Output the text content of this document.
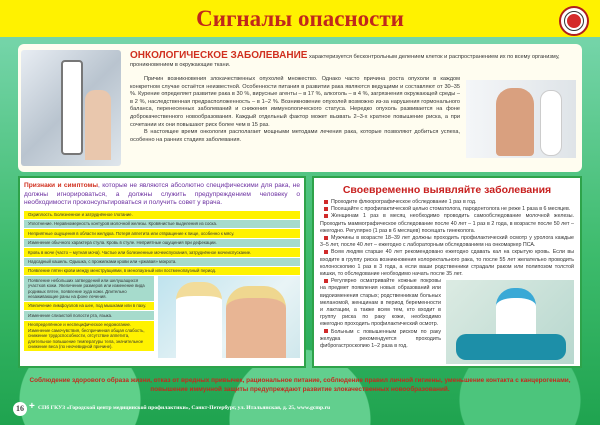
Сигналы опасности
ОНКОЛОГИЧЕСКОЕ ЗАБОЛЕВАНИЕ характеризуется бесконтрольным делением клеток и распространением их по всему организму, проникновением в окружающие ткани.

Причин возникновения злокачественных опухолей множество. Однако часто причина роста опухоли в каждом конкретном случае остаётся неизвестной. Особенности питания в развитии рака являются ведущими и составляют от 30–35 %. Курение определяет развитие рака в 30 %, вирусные агенты – в 17 %, алкоголь – в 4 %, загрязнения окружающей среды – в 2 %, наследственная предрасположенность – в 1–2 %. Возникновение опухолей возможно из-за нарушения гормонального баланса, перенесенных заболеваний и снижения иммунологического статуса. Нередко опухоль развивается на фоне доброкачественного новообразования. Каждый отдельный фактор может вызвать 2–3-х кратное повышение риска, а при сочетании их они повышают риск более чем в 15 раз.

В настоящее время онкология располагает мощными методами лечения рака, которые позволяют добиться успеха, особенно на ранних стадиях заболевания.

Признаки и симптомы, которые не являются абсолютно специфическими для рака, не должны игнорироваться, а должны служить предупреждением человеку о необходимости проконсультироваться и получить совет у врача.
Охриплость. Болезненное и затруднённое глотание.
Уплотнение. Неравномерность контуров молочной железы. Кровянистые выделения из соска.
Неприятные ощущения в области желудка. Потеря аппетита или отвращение к пище, особенно к мясу.
Изменение обычного характера стула. Кровь в стуле. Неприятные ощущения при дефекации.
Кровь в моче (часто – мутная моча). Частые или болезненные мочеиспускания, затруднённое мочеиспускание.
Надсадный кашель. Одышка, с прожилками крови или «ржавая» мокрота.
Появление пятен крови между менструациями, в менопаузный или постменопаузный период.
Появление небольших затвердений или шелушащихся участков кожи. Увеличение размеров или изменение вида родимых пятен, появление зуда кожи. Длительно незаживающие раны на фоне лечения.
Увеличение лимфоузлов на шее, под мышками или в паху.
Изменение слизистой полости рта, языка.
Неопределённое и неспецифическое недомогание. Изменение самочувствия, беспричинная общая слабость, снижение трудоспособности, отсутствие аппетита, длительное повышение температуры тела, значительное снижение веса (по неочевидной причине).
Своевременно выявляйте заболевания
Проходите флюорографическое обследование 1 раз в год.
Посещайте с профилактической целью стоматолога, пародонтолога не реже 1 раза в 6 месяцев.
Женщинам 1 раз в месяц необходимо проводить самообследование молочной железы. Проходить маммографическое обследование после 40 лет – 1 раз в 2 года, в возрасте после 50 лет – ежегодно. Регулярно (1 раз в 6 месяцев) посещать гинеколога.
Мужчины в возрасте 18–39 лет должны проходить профилактический осмотр у уролога каждые 3–5 лет, после 40 лет – ежегодно с лабораторным обследованием на онкомаркер ПСА.
Всем людям старше 40 лет рекомендовано ежегодно сдавать кал на скрытую кровь. Если вы входите в группу риска возникновения колоректального рака, то после 55 лет желательно проводить колоноскопию 1 раз в 3 года, а если ваши родственники страдали раком или полипозом толстой кишки, то обследование необходимо начать после 35 лет.
Регулярно осматривайте кожные покровы на предмет появления новых образований или видоизменения старых; родственникам больных меланомой, женщинам в период беременности и лактации, а также всем тем, кто входит в группу риска по раку кожи, необходимо ежегодно проходить профилактический осмотр.
Больным с повышенным риском по раку желудка рекомендуется проходить фиброгастроскопию 1–2 раза в год.
Соблюдение здорового образа жизни, отказ от вредных привычек, рациональное питание, соблюдение правил личной гигиены, уменьшение контакта с канцерогенами, повышение иммунной защиты предупреждают развитие злокачественных новообразований.
16 + СПб ГКУЗ «Городской центр медицинской профилактики», Санкт-Петербург, ул. Итальянская, д. 25, www.gcmp.ru
